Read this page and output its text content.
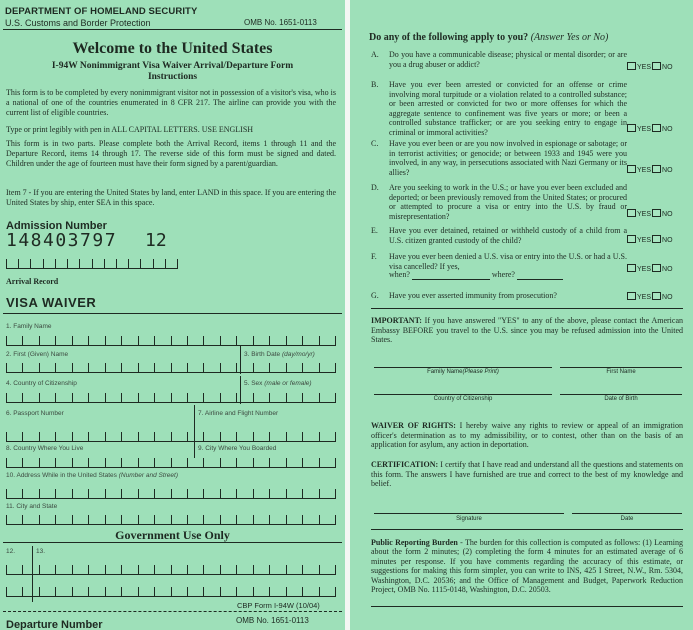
DEPARTMENT OF HOMELAND SECURITY
U.S. Customs and Border Protection	OMB No. 1651-0113
Welcome to the United States
I-94W Nonimmigrant Visa Waiver Arrival/Departure Form
Instructions
This form is to be completed by every nonimmigrant visitor not in possession of a visitor's visa, who is a national of one of the countries enumerated in 8 CFR 217. The airline can provide you with the current list of eligible countries.
Type or print legibly with pen in ALL CAPITAL LETTERS. USE ENGLISH
This form is in two parts. Please complete both the Arrival Record, items 1 through 11 and the Departure Record, items 14 through 17. The reverse side of this form must be signed and dated. Children under the age of fourteen must have their form signed by a parent/guardian.
Item 7 - If you are entering the United States by land, enter LAND in this space. If you are entering the United States by ship, enter SEA in this space.
Admission Number
148403797 12
Arrival Record
VISA WAIVER
1. Family Name
2. First (Given) Name	3. Birth Date (day/mo/yr)
4. Country of Citizenship	5. Sex (male or female)
6. Passport Number	7. Airline and Flight Number
8. Country Where You Live	9. City Where You Boarded
10. Address While in the United States (Number and Street)
11. City and State
Government Use Only
12.	13.
CBP Form I-94W (10/04)
OMB No. 1651-0113
Departure Number
Do any of the following apply to you? (Answer Yes or No)
A. Do you have a communicable disease; physical or mental disorder; or are you a drug abuser or addict?	YES NO
B. Have you ever been arrested or convicted for an offense or crime involving moral turpitude or a violation related to a controlled substance; or been arrested or convicted for two or more offenses for which the aggregate sentence to confinement was five years or more; or been a controlled substance trafficker; or are you seeking entry to engage in criminal or immoral activities?	YES NO
C. Have you ever been or are you now involved in espionage or sabotage; or in terrorist activities; or genocide; or between 1933 and 1945 were you involved, in any way, in persecutions associated with Nazi Germany or its allies?	YES NO
D. Are you seeking to work in the U.S.; or have you ever been excluded and deported; or been previously removed from the United States; or procured or attempted to procure a visa or entry into the U.S. by fraud or misrepresentation?	YES NO
E. Have you ever detained, retained or withheld custody of a child from a U.S. citizen granted custody of the child?	YES NO
F. Have you ever been denied a U.S. visa or entry into the U.S. or had a U.S. visa cancelled? If yes,
when?	where?
YES NO
G. Have you ever asserted immunity from prosecution?	YES NO
IMPORTANT: If you have answered "YES" to any of the above, please contact the American Embassy BEFORE you travel to the U.S. since you may be refused admission into the United States.
Family Name(Please Print)	First Name
Country of Citizenship	Date of Birth
WAIVER OF RIGHTS: I hereby waive any rights to review or appeal of an immigration officer's determination as to my admissibility, or to contest, other than on the basis of an application for asylum, any action in deportation.
CERTIFICATION: I certify that I have read and understand all the questions and statements on this form. The answers I have furnished are true and correct to the best of my knowledge and belief.
Signature	Date
Public Reporting Burden - The burden for this collection is computed as follows: (1) Learning about the form 2 minutes; (2) completing the form 4 minutes for an estimated average of 6 minutes per response. If you have comments regarding the accuracy of this estimate, or suggestions for making this form simpler, you can write to INS, 425 I Street, N.W., Rm. 5304, Washington, D.C. 20536; and the Office of Management and Budget, Paperwork Reduction Project, OMB No. 1115-0148, Washington, D.C. 20503.
